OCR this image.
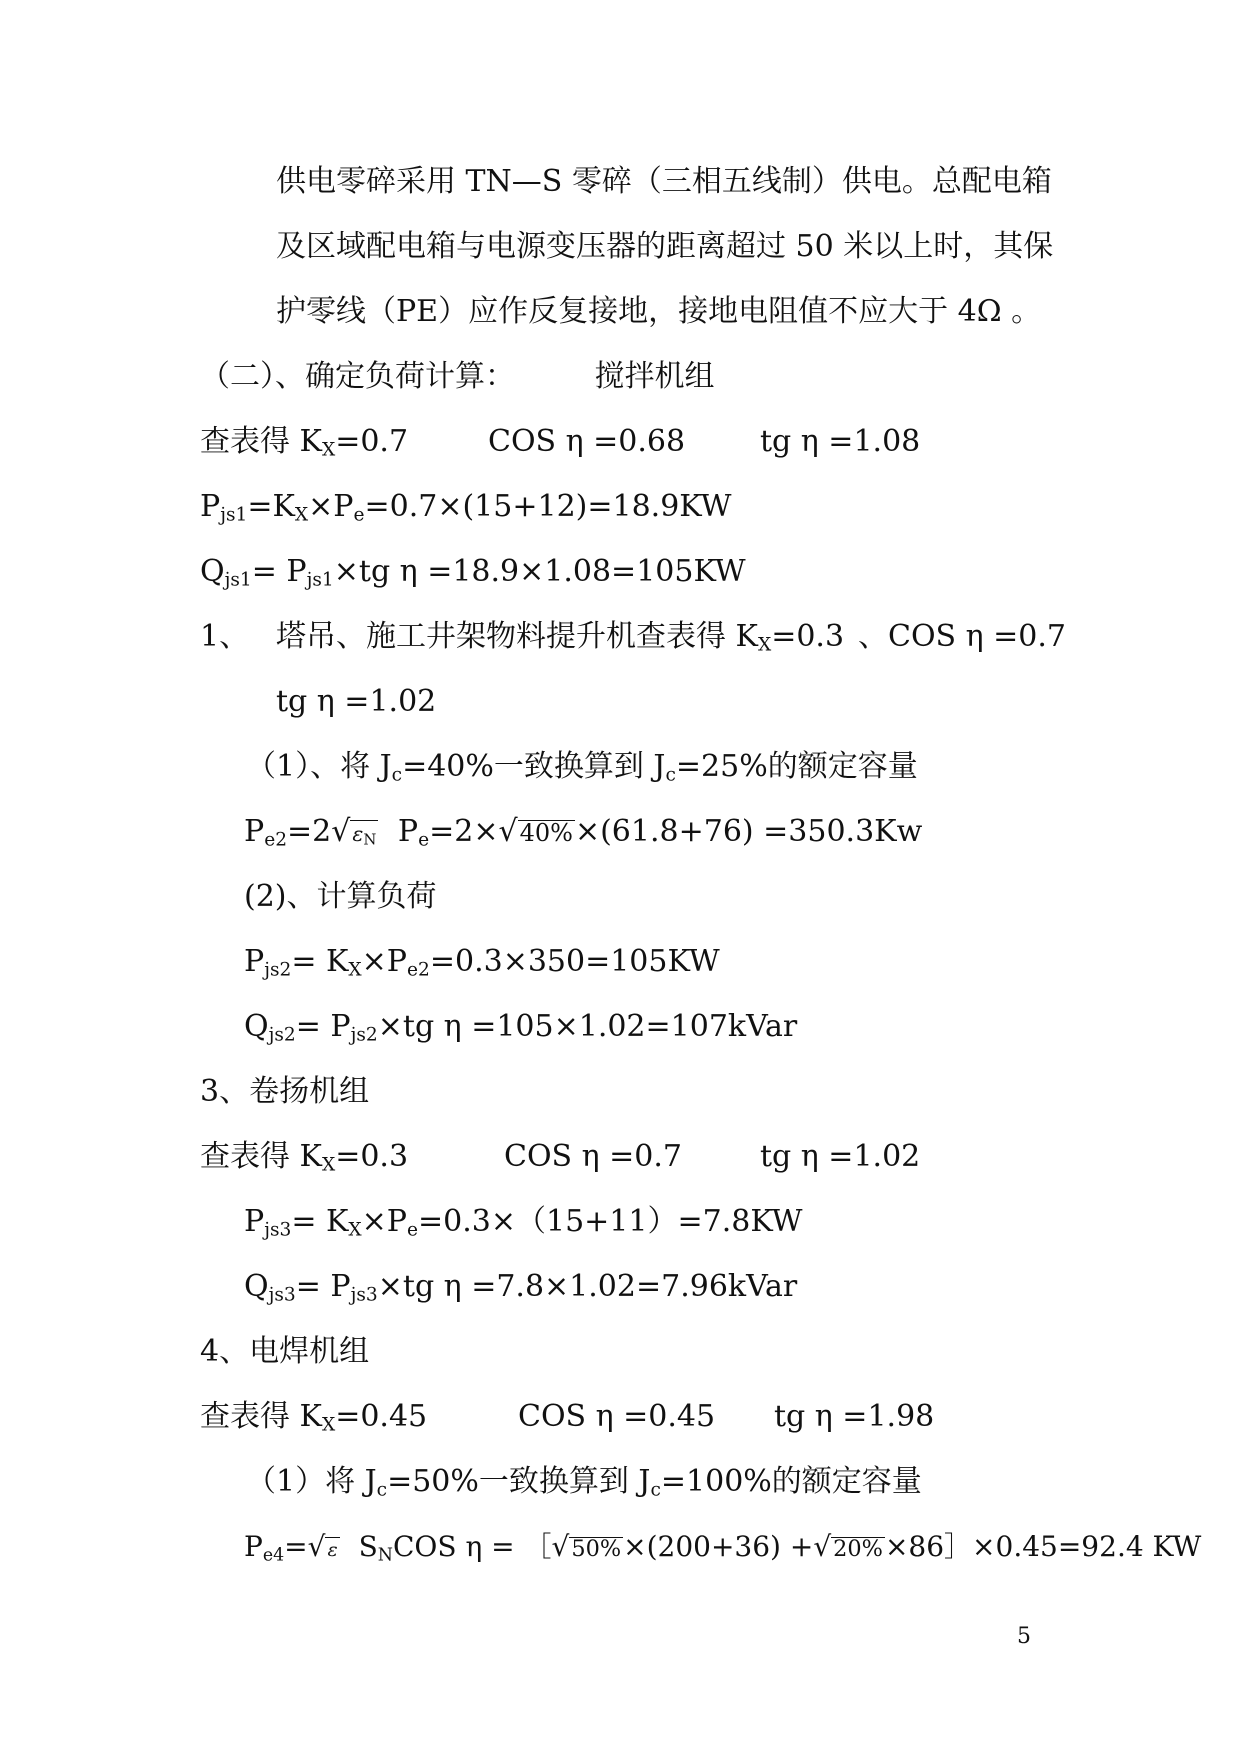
供电零碎采用 TN—S 零碎（三相五线制）供电。总配电箱
及区域配电箱与电源变压器的距离超过 50 米以上时，其保
护零线（PE）应作反复接地，接地电阻值不应大于 4Ω 。
（二）、确定负荷计算：	搅拌机组
查表得 $K_X=0.7$	COS η =0.68 tg η =1.08
$P_{js1}=K_X\times P_e=0.7\times(15+12)=18.9KW$
$Q_{js1}= P_{js1}\times tg$ η =18.9×1.08=105KW
1、 塔吊、施工井架物料提升机查表得 $K_X=0.3$ 、COS η =0.7
tg η =1.02
（1）、将 $J_c=40\%$一致换算到 $J_c=25\%$的额定容量
$P_{e2}=2√\varepsilon_N$ $P_e=2\times√40\%\times(61.8+76) =350.3Kw$
(2)、计算负荷
$P_{js2}= K_X\times P_{e2}=0.3\times 350=105KW$
$Q_{js2}= P_{js2}\times tg$ η =105×1.02=107kVar
3、卷扬机组
查表得 $K_X=0.3$	COS η =0.7	tg η =1.02
$P_{js3}= K_X\times P_e=0.3\times(15+11)=7.8KW$
$Q_{js3}= P_{js3}\times tg$ η =7.8×1.02=7.96kVar
4、电焊机组
查表得 $K_X=0.45$	COS η =0.45 tg η =1.98
（1）将 $J_c=50\%$一致换算到 $J_c=100\%$的额定容量
$P_{e4}=√$ ε $S_NCOS$ η = ［√50%×(200+36) +√20%×86］×0.45=92.4 KW
5
